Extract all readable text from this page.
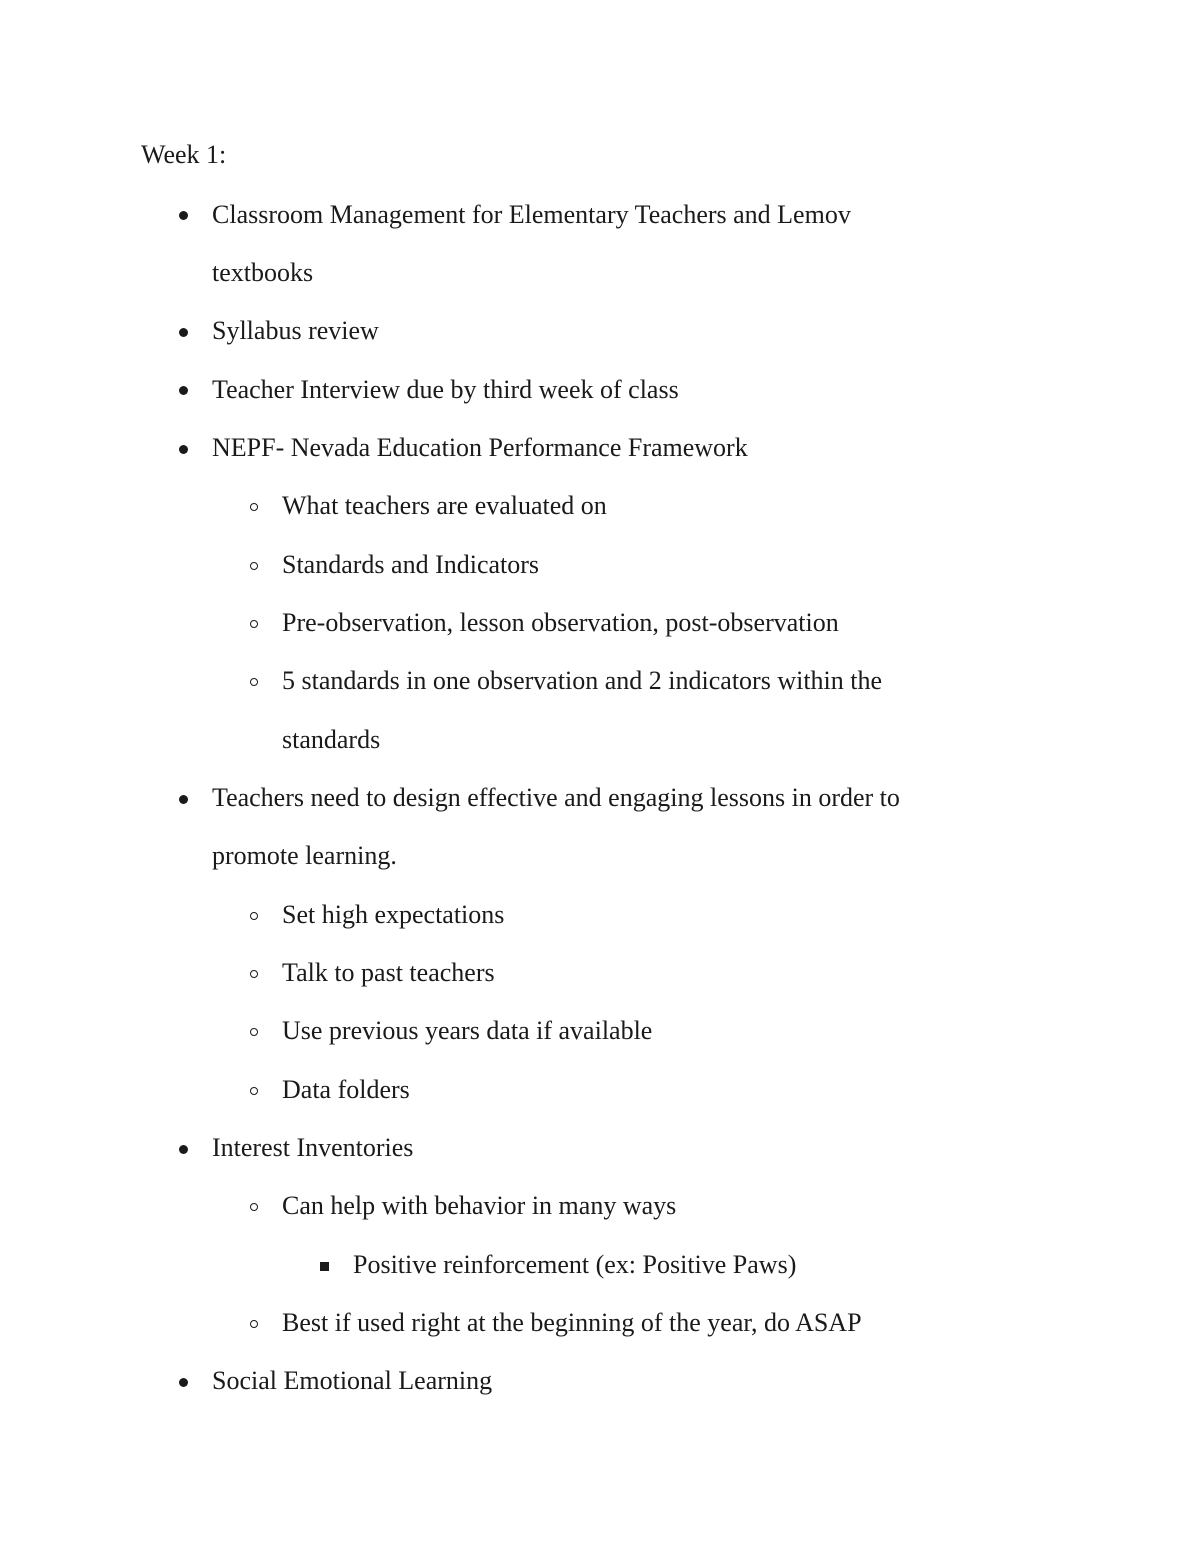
Week 1:
Classroom Management for Elementary Teachers and Lemov
textbooks
Syllabus review
Teacher Interview due by third week of class
NEPF- Nevada Education Performance Framework
What teachers are evaluated on
Standards and Indicators
Pre-observation, lesson observation, post-observation
5 standards in one observation and 2 indicators within the
standards
Teachers need to design effective and engaging lessons in order to
promote learning.
Set high expectations
Talk to past teachers
Use previous years data if available
Data folders
Interest Inventories
Can help with behavior in many ways
Positive reinforcement (ex: Positive Paws)
Best if used right at the beginning of the year, do ASAP
Social Emotional Learning
